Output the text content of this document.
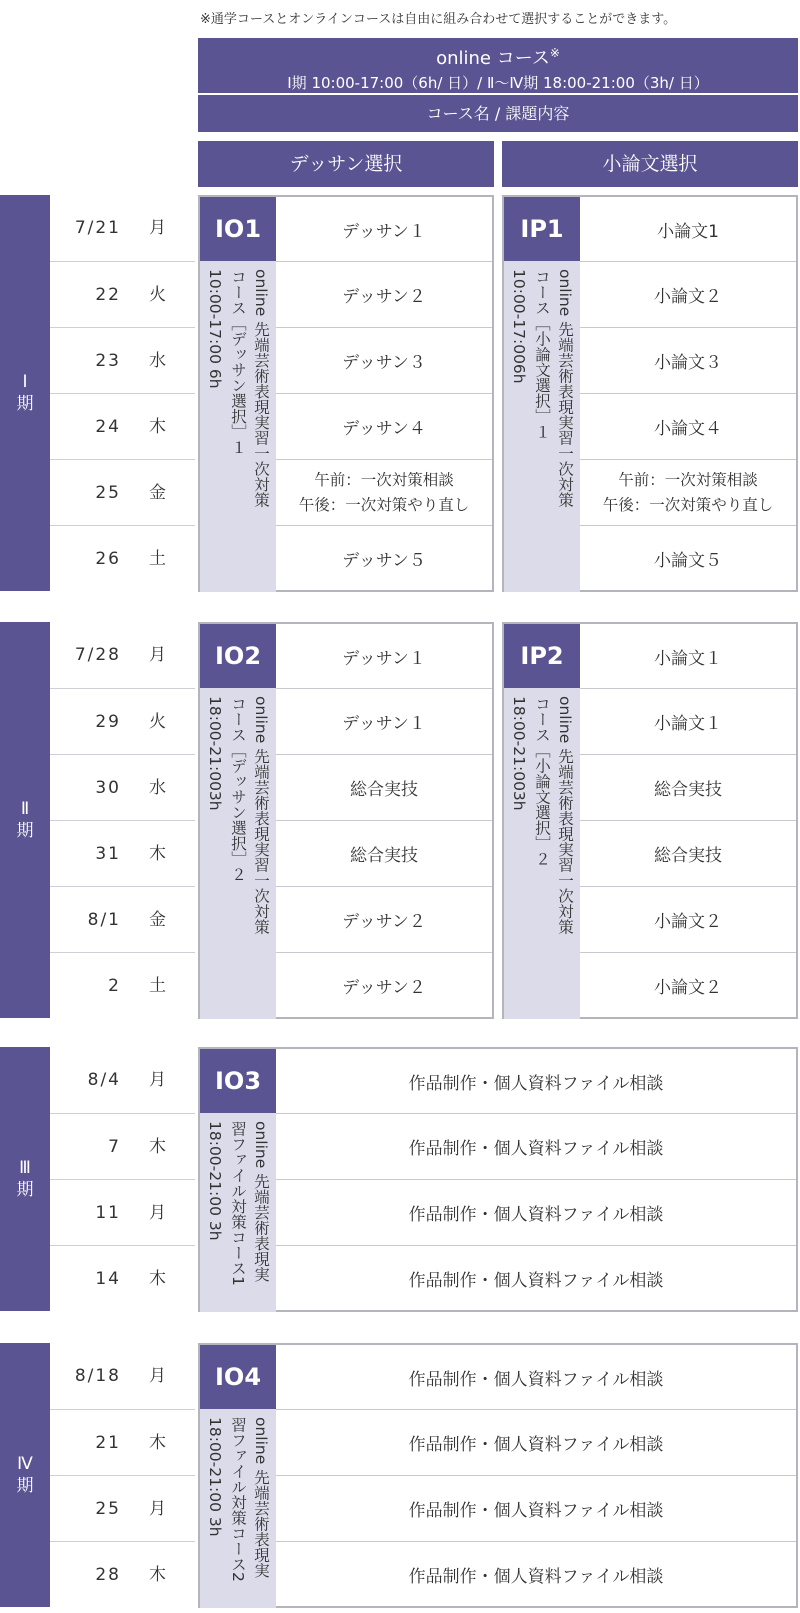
※通学コースとオンラインコースは自由に組み合わせて選択することができます。
online コース※
Ⅰ期 10:00-17:00（6h/ 日）/ Ⅱ～Ⅳ期 18:00-21:00（3h/ 日）
コース名 / 課題内容
デッサン選択	小論文選択
Ⅰ期
7/21 月
22 火
23 水
24 木
25 金
26 土
IO1
online 先端芸術表現実習一次対策
コース［デッサン選択］１
10:00-17:00 6h
デッサン１
デッサン２
デッサン３
デッサン４
午前：一次対策相談
午後：一次対策やり直し
デッサン５
IP1
online 先端芸術表現実習一次対策
コース［小論文選択］１
10:00-17:006h
小論文1
小論文２
小論文３
小論文４
午前：一次対策相談
午後：一次対策やり直し
小論文５
Ⅱ期
7/28 月
29 火
30 水
31 木
8/1 金
2 土
IO2
online 先端芸術表現実習一次対策
コース［デッサン選択］２
18:00-21:003h
デッサン１
デッサン１
総合実技
総合実技
デッサン２
デッサン２
IP2
online 先端芸術表現実習一次対策
コース［小論文選択］２
18:00-21:003h
小論文１
小論文１
総合実技
総合実技
小論文２
小論文２
Ⅲ期
8/4 月
7 木
11 月
14 木
IO3
online 先端芸術表現実
習ファイル対策コース1
18:00-21:00 3h
作品制作・個人資料ファイル相談
作品制作・個人資料ファイル相談
作品制作・個人資料ファイル相談
作品制作・個人資料ファイル相談
Ⅳ期
8/18 月
21 木
25 月
28 木
IO4
online 先端芸術表現実
習ファイル対策コース2
18:00-21:00 3h
作品制作・個人資料ファイル相談
作品制作・個人資料ファイル相談
作品制作・個人資料ファイル相談
作品制作・個人資料ファイル相談
